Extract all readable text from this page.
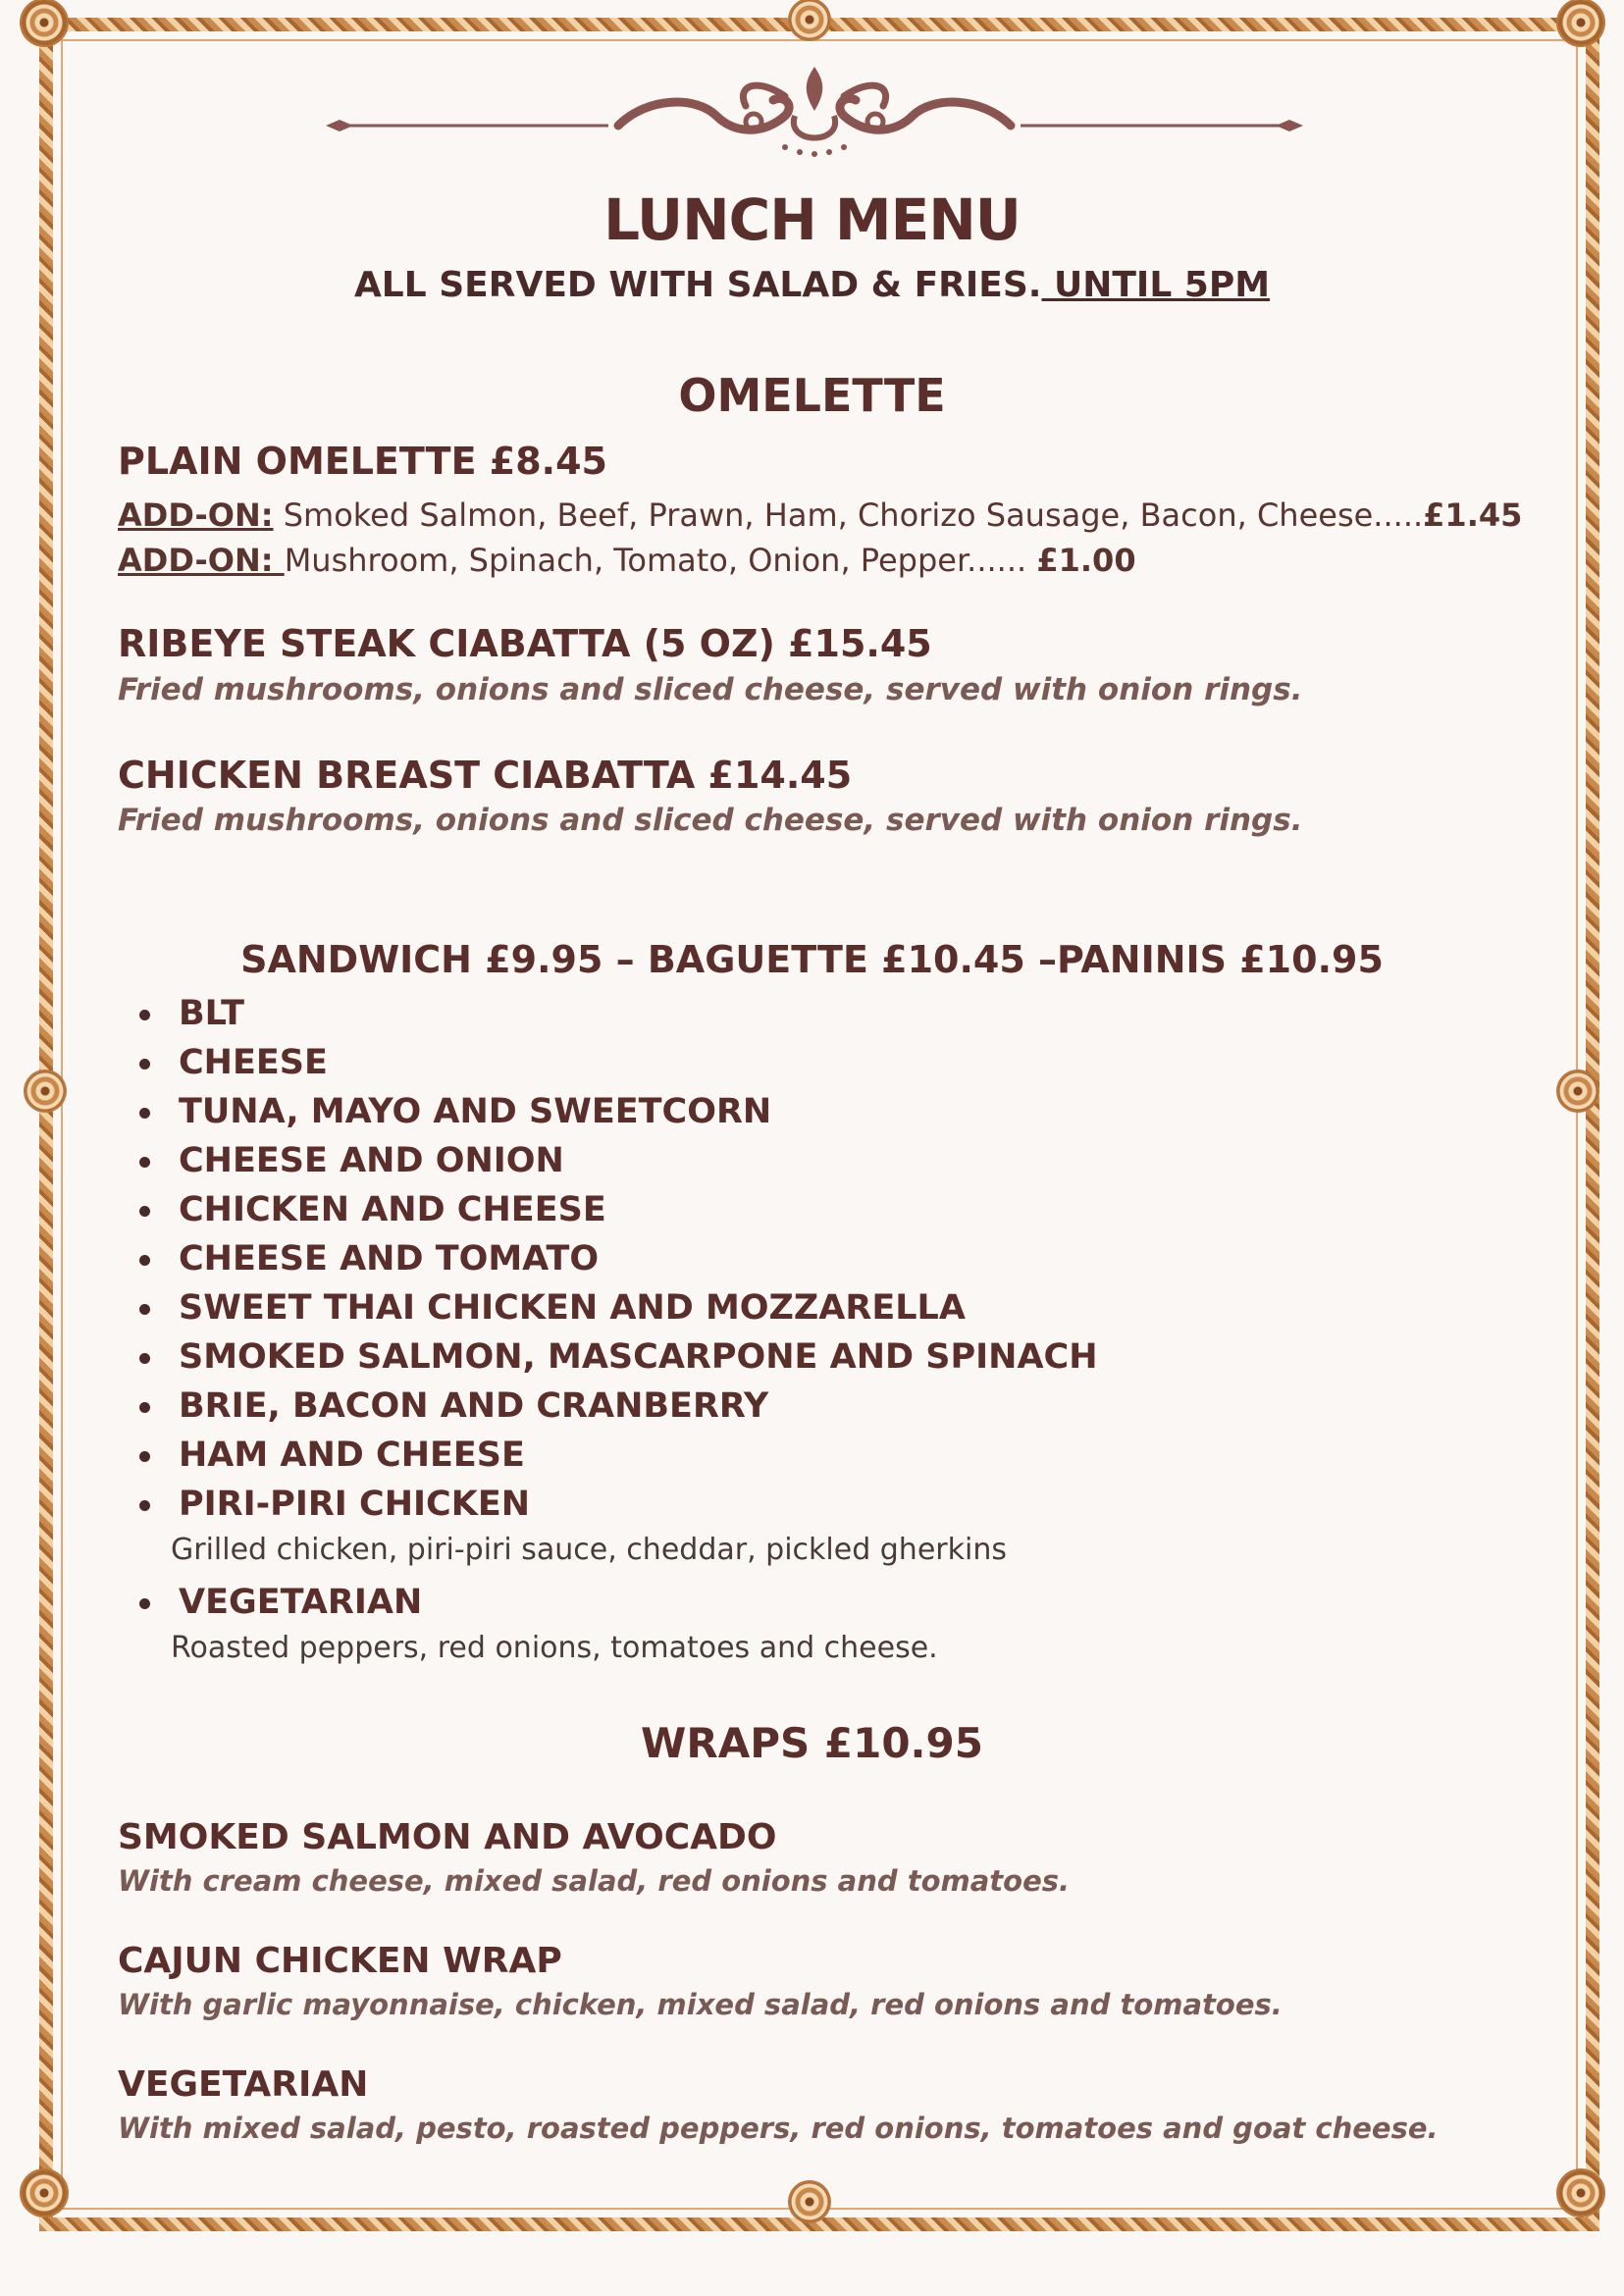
LUNCH MENU

ALL SERVED WITH SALAD & FRIES. UNTIL 5PM

OMELETTE

PLAIN OMELETTE £8.45

ADD-ON: Smoked Salmon, Beef, Prawn, Ham, Chorizo Sausage, Bacon, Cheese.....£1.45

ADD-ON: Mushroom, Spinach, Tomato, Onion, Pepper...... £1.00

RIBEYE STEAK CIABATTA (5 OZ) £15.45

Fried mushrooms, onions and sliced cheese, served with onion rings.

CHICKEN BREAST CIABATTA £14.45

Fried mushrooms, onions and sliced cheese, served with onion rings.

SANDWICH £9.95 – BAGUETTE £10.45 –PANINIS £10.95
BLT
CHEESE
TUNA, MAYO AND SWEETCORN
CHEESE AND ONION
CHICKEN AND CHEESE
CHEESE AND TOMATO
SWEET THAI CHICKEN AND MOZZARELLA
SMOKED SALMON, MASCARPONE AND SPINACH
BRIE, BACON AND CRANBERRY
HAM AND CHEESE
PIRI-PIRI CHICKEN
Grilled chicken, piri-piri sauce, cheddar, pickled gherkins
VEGETARIAN
Roasted peppers, red onions, tomatoes and cheese.
WRAPS £10.95

SMOKED SALMON AND AVOCADO

With cream cheese, mixed salad, red onions and tomatoes.

CAJUN CHICKEN WRAP

With garlic mayonnaise, chicken, mixed salad, red onions and tomatoes.

VEGETARIAN

With mixed salad, pesto, roasted peppers, red onions, tomatoes and goat cheese.
